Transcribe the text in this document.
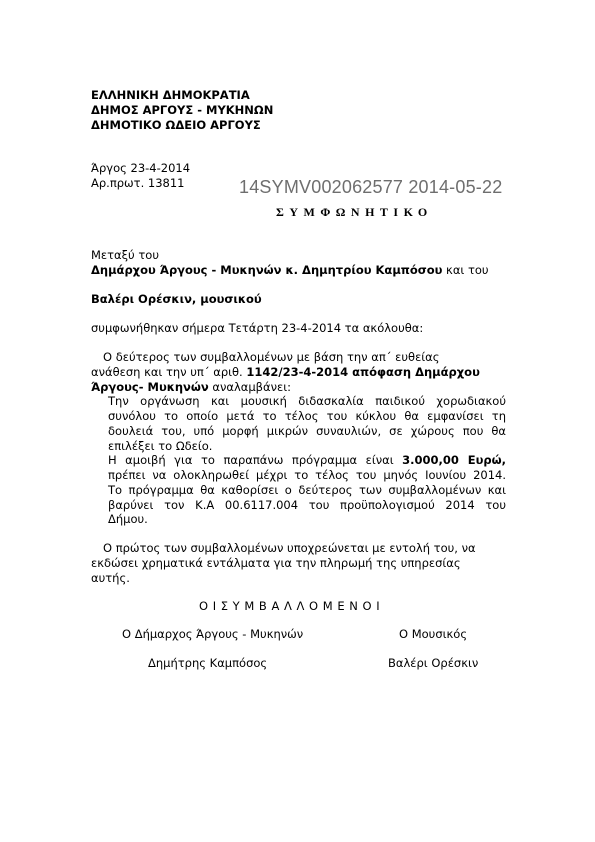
ΕΛΛΗΝΙΚΗ ΔΗΜΟΚΡΑΤΙΑ
ΔΗΜΟΣ ΑΡΓΟΥΣ - ΜΥΚΗΝΩΝ
ΔΗΜΟΤΙΚΟ ΩΔΕΙΟ ΑΡΓΟΥΣ
Άργος 23-4-2014
Αρ.πρωτ. 13811	14SYMV002062577 2014-05-22
ΣΥΜΦΩΝΗΤΙΚΟ
Μεταξύ του
Δημάρχου Άργους - Μυκηνών κ. Δημητρίου Καμπόσου και του
Βαλέρι Ορέσκιν, μουσικού
συμφωνήθηκαν σήμερα Τετάρτη 23-4-2014 τα ακόλουθα:
Ο δεύτερος των συμβαλλομένων με βάση την απ΄ ευθείας
ανάθεση και την υπ΄ αριθ. 1142/23-4-2014 απόφαση Δημάρχου
Άργους- Μυκηνών αναλαμβάνει:
Την οργάνωση και μουσική διδασκαλία παιδικού χορωδιακού
συνόλου το οποίο μετά το τέλος του κύκλου θα εμφανίσει τη
δουλειά του, υπό μορφή μικρών συναυλιών, σε χώρους που θα
επιλέξει το Ωδείο.
Η αμοιβή για το παραπάνω πρόγραμμα είναι 3.000,00 Ευρώ,
πρέπει να ολοκληρωθεί μέχρι το τέλος του μηνός Ιουνίου 2014.
Το πρόγραμμα θα καθορίσει ο δεύτερος των συμβαλλομένων και
βαρύνει τον Κ.Α 00.6117.004 του προϋπολογισμού 2014 του
Δήμου.
Ο πρώτος των συμβαλλομένων υποχρεώνεται με εντολή του, να
εκδώσει χρηματικά εντάλματα για την πληρωμή της υπηρεσίας
αυτής.
Ο Ι Σ Υ Μ Β Α Λ Λ Ο Μ Ε Ν Ο Ι
Ο Δήμαρχος Άργους - Μυκηνών	Ο Μουσικός
Δημήτρης Καμπόσος	Βαλέρι Ορέσκιν
